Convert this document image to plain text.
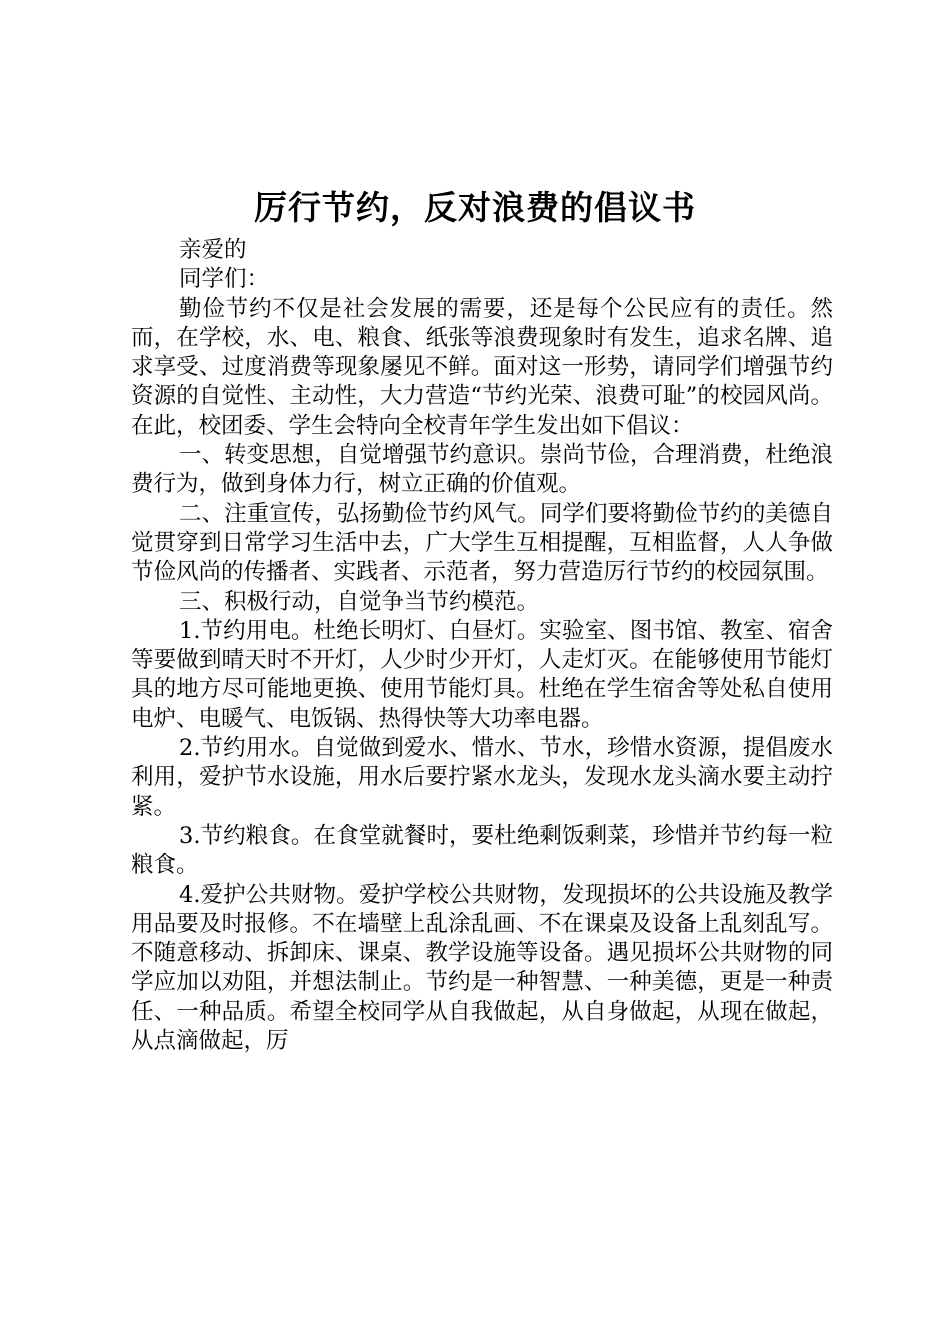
厉行节约，反对浪费的倡议书

亲爱的

同学们：

勤俭节约不仅是社会发展的需要，还是每个公民应有的责任。然而，在学校，水、电、粮食、纸张等浪费现象时有发生，追求名牌、追求享受、过度消费等现象屡见不鲜。面对这一形势，请同学们增强节约资源的自觉性、主动性，大力营造“节约光荣、浪费可耻”的校园风尚。在此，校团委、学生会特向全校青年学生发出如下倡议：

一、转变思想，自觉增强节约意识。崇尚节俭，合理消费，杜绝浪费行为，做到身体力行，树立正确的价值观。

二、注重宣传，弘扬勤俭节约风气。同学们要将勤俭节约的美德自觉贯穿到日常学习生活中去，广大学生互相提醒，互相监督，人人争做节俭风尚的传播者、实践者、示范者，努力营造厉行节约的校园氛围。

三、积极行动，自觉争当节约模范。

1.节约用电。杜绝长明灯、白昼灯。实验室、图书馆、教室、宿舍等要做到晴天时不开灯，人少时少开灯，人走灯灭。在能够使用节能灯具的地方尽可能地更换、使用节能灯具。杜绝在学生宿舍等处私自使用电炉、电暖气、电饭锅、热得快等大功率电器。

2.节约用水。自觉做到爱水、惜水、节水，珍惜水资源，提倡废水利用，爱护节水设施，用水后要拧紧水龙头，发现水龙头滴水要主动拧紧。

3.节约粮食。在食堂就餐时，要杜绝剩饭剩菜，珍惜并节约每一粒粮食。

4.爱护公共财物。爱护学校公共财物，发现损坏的公共设施及教学用品要及时报修。不在墙壁上乱涂乱画、不在课桌及设备上乱刻乱写。不随意移动、拆卸床、课桌、教学设施等设备。遇见损坏公共财物的同学应加以劝阻，并想法制止。节约是一种智慧、一种美德，更是一种责任、一种品质。希望全校同学从自我做起，从自身做起，从现在做起，从点滴做起，厉
